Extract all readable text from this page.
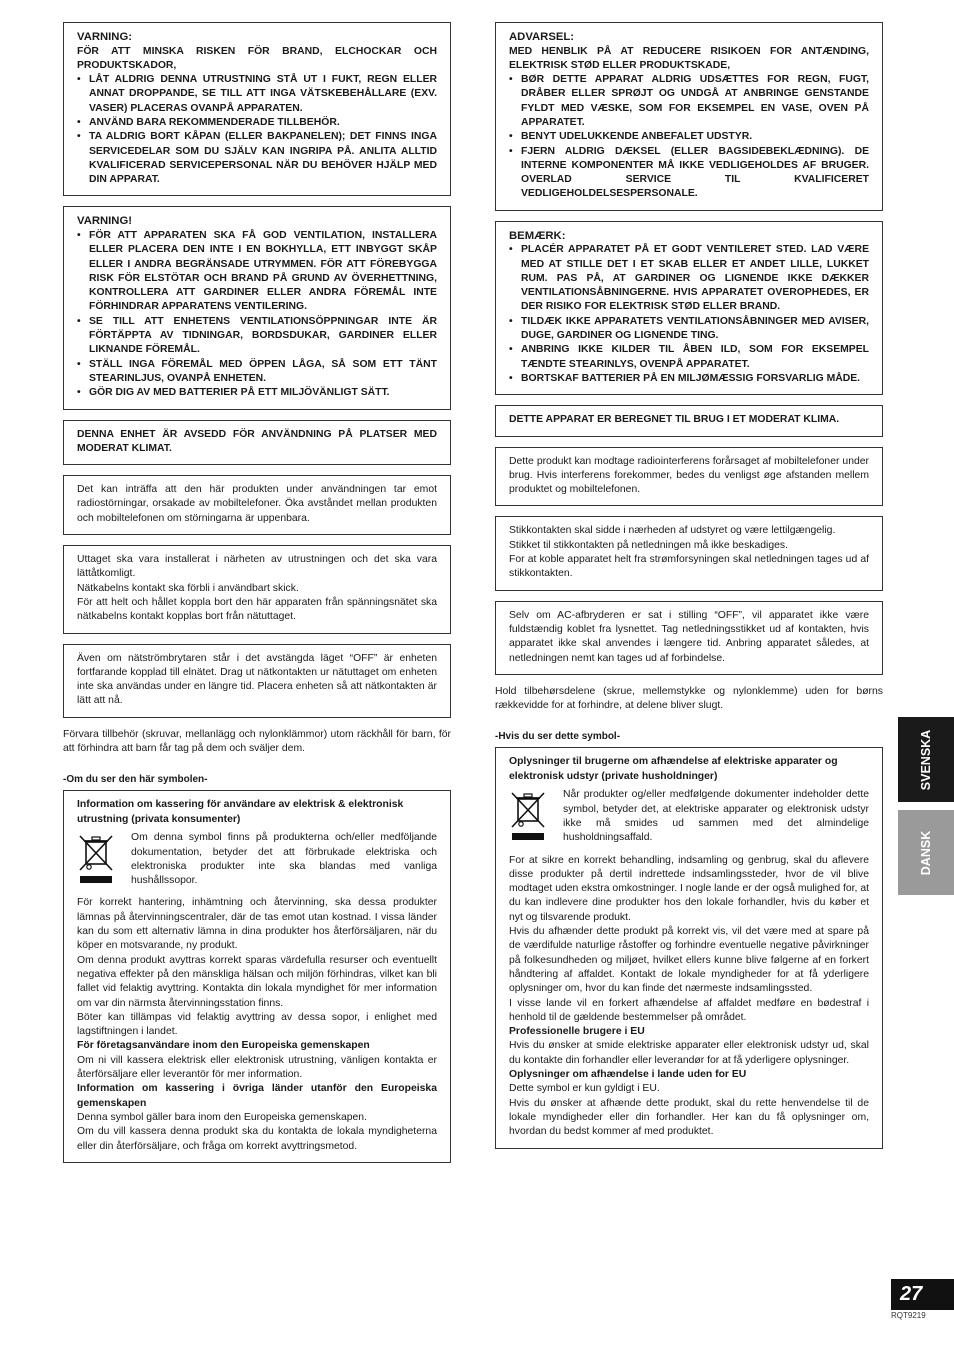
VARNING:

FÖR ATT MINSKA RISKEN FÖR BRAND, ELCHOCKAR OCH PRODUKTSKADOR,

• LÅT ALDRIG DENNA UTRUSTNING STÅ UT I FUKT, REGN ELLER ANNAT DROPPANDE, SE TILL ATT INGA VÄTSKEBEHÅLLARE (EXV. VASER) PLACERAS OVANPÅ APPARATEN.
• ANVÄND BARA REKOMMENDERADE TILLBEHÖR.
• TA ALDRIG BORT KÅPAN (ELLER BAKPANELEN); DET FINNS INGA SERVICEDELAR SOM DU SJÄLV KAN INGRIPA PÅ. ANLITA ALLTID KVALIFICERAD SERVICEPERSONAL NÄR DU BEHÖVER HJÄLP MED DIN APPARAT.
VARNING!
• FÖR ATT APPARATEN SKA FÅ GOD VENTILATION, INSTALLERA ELLER PLACERA DEN INTE I EN BOKHYLLA, ETT INBYGGT SKÅP ELLER I ANDRA BEGRÄNSADE UTRYMMEN. FÖR ATT FÖREBYGGA RISK FÖR ELSTÖTAR OCH BRAND PÅ GRUND AV ÖVERHETTNING, KONTROLLERA ATT GARDINER ELLER ANDRA FÖREMÅL INTE FÖRHINDRAR APPARATENS VENTILERING.
• SE TILL ATT ENHETENS VENTILATIONSÖPPNINGAR INTE ÄR FÖRTÄPPTA AV TIDNINGAR, BORDSDUKAR, GARDINER ELLER LIKNANDE FÖREMÅL.
• STÄLL INGA FÖREMÅL MED ÖPPEN LÅGA, SÅ SOM ETT TÄNT STEARINLJUS, OVANPÅ ENHETEN.
• GÖR DIG AV MED BATTERIER PÅ ETT MILJÖVÄNLIGT SÄTT.

DENNA ENHET ÄR AVSEDD FÖR ANVÄNDNING PÅ PLATSER MED MODERAT KLIMAT.

Det kan inträffa att den här produkten under användningen tar emot radiostörningar, orsakade av mobiltelefoner. Öka avståndet mellan produkten och mobiltelefonen om störningarna är uppenbara.

Uttaget ska vara installerat i närheten av utrustningen och det ska vara lättåtkomligt.

Nätkabelns kontakt ska förbli i användbart skick.

För att helt och hållet koppla bort den här apparaten från spänningsnätet ska nätkabelns kontakt kopplas bort från nätuttaget.

Även om nätströmbrytaren står i det avstängda läget “OFF” är enheten fortfarande kopplad till elnätet. Drag ut nätkontakten ur nätuttaget om enheten inte ska användas under en längre tid. Placera enheten så att nätkontakten är lätt att nå.

Förvara tillbehör (skruvar, mellanlägg och nylonklämmor) utom räckhåll för barn, för att förhindra att barn får tag på dem och sväljer dem.

-Om du ser den här symbolen-
Information om kassering för användare av elektrisk & elektronisk utrustning (privata konsumenter)

Om denna symbol finns på produkterna och/eller medföljande dokumentation, betyder det att förbrukade elektriska och elektroniska produkter inte ska blandas med vanliga hushållssopor.

För korrekt hantering, inhämtning och återvinning, ska dessa produkter lämnas på återvinningscentraler, där de tas emot utan kostnad. I vissa länder kan du som ett alternativ lämna in dina produkter hos återförsäljaren, när du köper en motsvarande, ny produkt.

Om denna produkt avyttras korrekt sparas värdefulla resurser och eventuellt negativa effekter på den mänskliga hälsan och miljön förhindras, vilket kan bli fallet vid felaktig avyttring. Kontakta din lokala myndighet för mer information om var din närmsta återvinningsstation finns.

Böter kan tillämpas vid felaktig avyttring av dessa sopor, i enlighet med lagstiftningen i landet.

För företagsanvändare inom den Europeiska gemenskapen

Om ni vill kassera elektrisk eller elektronisk utrustning, vänligen kontakta er återförsäljare eller leverantör för mer information.

Information om kassering i övriga länder utanför den Europeiska gemenskapen

Denna symbol gäller bara inom den Europeiska gemenskapen.

Om du vill kassera denna produkt ska du kontakta de lokala myndigheterna eller din återförsäljare, och fråga om korrekt avyttringsmetod.

ADVARSEL:

MED HENBLIK PÅ AT REDUCERE RISIKOEN FOR ANTÆNDING, ELEKTRISK STØD ELLER PRODUKTSKADE,

• BØR DETTE APPARAT ALDRIG UDSÆTTES FOR REGN, FUGT, DRÅBER ELLER SPRØJT OG UNDGÅ AT ANBRINGE GENSTANDE FYLDT MED VÆSKE, SOM FOR EKSEMPEL EN VASE, OVEN PÅ APPARATET.
• BENYT UDELUKKENDE ANBEFALET UDSTYR.
• FJERN ALDRIG DÆKSEL (ELLER BAGSIDEBEKLÆDNING). DE INTERNE KOMPONENTER MÅ IKKE VEDLIGEHOLDES AF BRUGER. OVERLAD SERVICE TIL KVALIFICERET VEDLIGEHOLDELSESPERSONALE.
BEMÆRK:
• PLACÉR APPARATET PÅ ET GODT VENTILERET STED. LAD VÆRE MED AT STILLE DET I ET SKAB ELLER ET ANDET LILLE, LUKKET RUM. PAS PÅ, AT GARDINER OG LIGNENDE IKKE DÆKKER VENTILATIONSÅBNINGERNE. HVIS APPARATET OVEROPHEDES, ER DER RISIKO FOR ELEKTRISK STØD ELLER BRAND.
• TILDÆK IKKE APPARATETS VENTILATIONSÅBNINGER MED AVISER, DUGE, GARDINER OG LIGNENDE TING.
• ANBRING IKKE KILDER TIL ÅBEN ILD, SOM FOR EKSEMPEL TÆNDTE STEARINLYS, OVENPÅ APPARATET.
• BORTSKAF BATTERIER PÅ EN MILJØMÆSSIG FORSVARLIG MÅDE.

DETTE APPARAT ER BEREGNET TIL BRUG I ET MODERAT KLIMA.

Dette produkt kan modtage radiointerferens forårsaget af mobiltelefoner under brug. Hvis interferens forekommer, bedes du venligst øge afstanden mellem produktet og mobiltelefonen.

Stikkontakten skal sidde i nærheden af udstyret og være lettilgængelig.

Stikket til stikkontakten på netledningen må ikke beskadiges.

For at koble apparatet helt fra strømforsyningen skal netledningen tages ud af stikkontakten.

Selv om AC-afbryderen er sat i stilling “OFF”, vil apparatet ikke være fuldstændig koblet fra lysnettet. Tag netledningsstikket ud af kontakten, hvis apparatet ikke skal anvendes i længere tid. Anbring apparatet således, at netledningen nemt kan tages ud af forbindelse.

Hold tilbehørsdelene (skrue, mellemstykke og nylonklemme) uden for børns rækkevidde for at forhindre, at delene bliver slugt.

-Hvis du ser dette symbol-
Oplysninger til brugerne om afhændelse af elektriske apparater og elektronisk udstyr (private husholdninger)

Når produkter og/eller medfølgende dokumenter indeholder dette symbol, betyder det, at elektriske apparater og elektronisk udstyr ikke må smides ud sammen med det almindelige husholdningsaffald.

For at sikre en korrekt behandling, indsamling og genbrug, skal du aflevere disse produkter på dertil indrettede indsamlingssteder, hvor de vil blive modtaget uden ekstra omkostninger. I nogle lande er der også mulighed for, at du kan indlevere dine produkter hos den lokale forhandler, hvis du køber et nyt og tilsvarende produkt.

Hvis du afhænder dette produkt på korrekt vis, vil det være med at spare på de værdifulde naturlige råstoffer og forhindre eventuelle negative påvirkninger på folkesundheden og miljøet, hvilket ellers kunne blive følgerne af en forkert håndtering af affaldet. Kontakt de lokale myndigheder for at få yderligere oplysninger om, hvor du kan finde det nærmeste indsamlingssted.

I visse lande vil en forkert afhændelse af affaldet medføre en bødestraf i henhold til de gældende bestemmelser på området.

Professionelle brugere i EU

Hvis du ønsker at smide elektriske apparater eller elektronisk udstyr ud, skal du kontakte din forhandler eller leverandør for at få yderligere oplysninger.

Oplysninger om afhændelse i lande uden for EU

Dette symbol er kun gyldigt i EU.

Hvis du ønsker at afhænde dette produkt, skal du rette henvendelse til de lokale myndigheder eller din forhandler. Her kan du få oplysninger om, hvordan du bedst kommer af med produktet.

SVENSKA
DANSK
27
RQT9219
